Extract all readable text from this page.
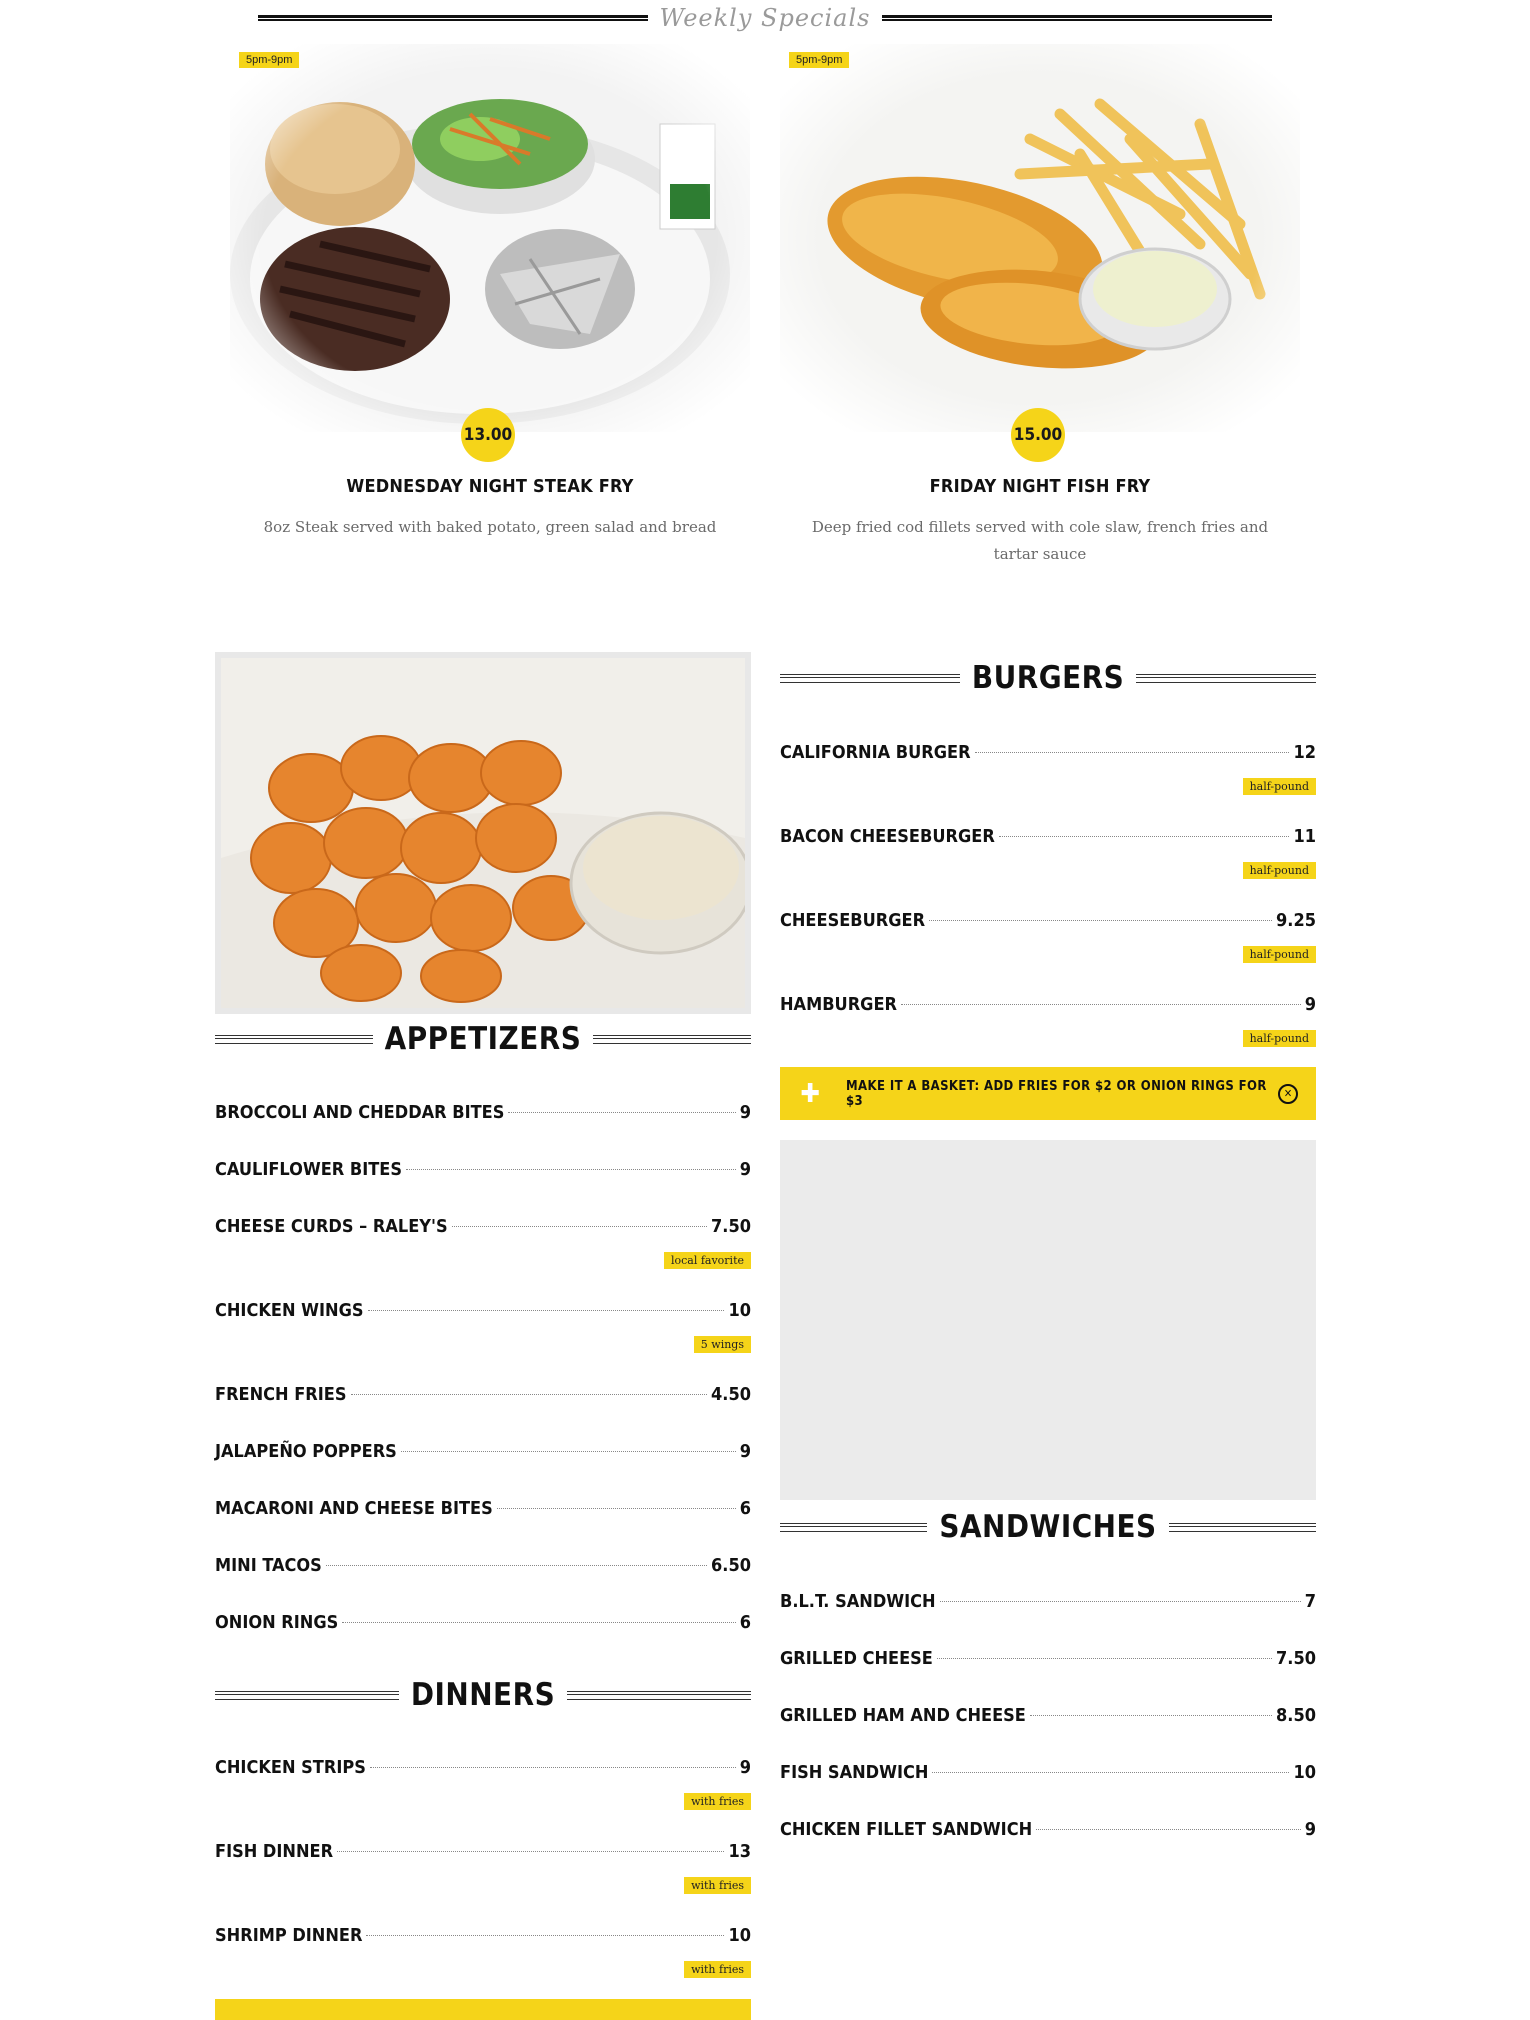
Weekly Specials
5pm-9pm
13.00
WEDNESDAY NIGHT STEAK FRY
8oz Steak served with baked potato, green salad and bread
5pm-9pm
15.00
FRIDAY NIGHT FISH FRY
Deep fried cod fillets served with cole slaw, french fries and tartar sauce
APPETIZERS
BROCCOLI AND CHEDDAR BITES	9
CAULIFLOWER BITES	9
CHEESE CURDS – RALEY'S	7.50
local favorite
CHICKEN WINGS	10
5 wings
FRENCH FRIES	4.50
JALAPEÑO POPPERS	9
MACARONI AND CHEESE BITES	6
MINI TACOS	6.50
ONION RINGS	6
DINNERS
CHICKEN STRIPS	9
with fries
FISH DINNER	13
with fries
SHRIMP DINNER	10
with fries
BURGERS
CALIFORNIA BURGER	12
half-pound
BACON CHEESEBURGER	11
half-pound
CHEESEBURGER	9.25
half-pound
HAMBURGER	9
half-pound
✚	MAKE IT A BASKET: ADD FRIES FOR $2 OR ONION RINGS FOR $3	✕
SANDWICHES
B.L.T. SANDWICH	7
GRILLED CHEESE	7.50
GRILLED HAM AND CHEESE	8.50
FISH SANDWICH	10
CHICKEN FILLET SANDWICH	9
